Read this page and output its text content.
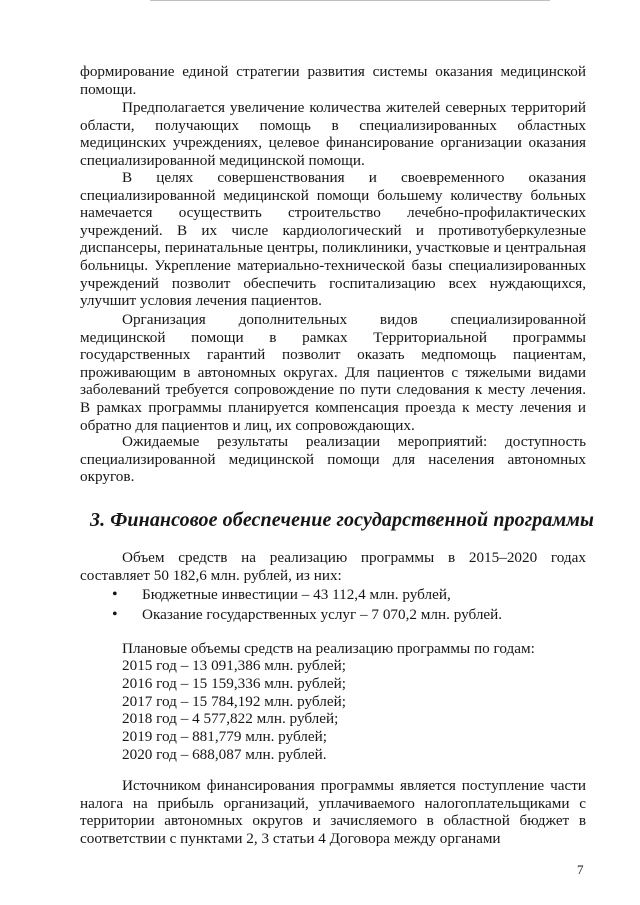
формирование единой стратегии развития системы оказания медицинской помощи.

Предполагается увеличение количества жителей северных территорий области, получающих помощь в специализированных областных медицинских учреждениях, целевое финансирование организации оказания специализированной медицинской помощи.

В целях совершенствования и своевременного оказания специализированной медицинской помощи большему количеству больных намечается осуществить строительство лечебно-профилактических учреждений. В их числе кардиологический и противотуберкулезные диспансеры, перинатальные центры, поликлиники, участковые и центральная больницы. Укрепление материально-технической базы специализированных учреждений позволит обеспечить госпитализацию всех нуждающихся, улучшит условия лечения пациентов.

Организация дополнительных видов специализированной медицинской помощи в рамках Территориальной программы государственных гарантий позволит оказать медпомощь пациентам, проживающим в автономных округах. Для пациентов с тяжелыми видами заболеваний требуется сопровождение по пути следования к месту лечения. В рамках программы планируется компенсация проезда к месту лечения и обратно для пациентов и лиц, их сопровождающих.

Ожидаемые результаты реализации мероприятий: доступность специализированной медицинской помощи для населения автономных округов.

3. Финансовое обеспечение государственной программы

Объем средств на реализацию программы в 2015–2020 годах составляет 50 182,6 млн. рублей, из них:

• Бюджетные инвестиции – 43 112,4 млн. рублей,
• Оказание государственных услуг – 7 070,2 млн. рублей.

Плановые объемы средств на реализацию программы по годам:

2015 год – 13 091,386 млн. рублей;
2016 год – 15 159,336 млн. рублей;
2017 год – 15 784,192 млн. рублей;
2018 год – 4 577,822 млн. рублей;
2019 год – 881,779 млн. рублей;
2020 год – 688,087 млн. рублей.

Источником финансирования программы является поступление части налога на прибыль организаций, уплачиваемого налогоплательщиками с территории автономных округов и зачисляемого в областной бюджет в соответствии с пунктами 2, 3 статьи 4 Договора между органами

7
